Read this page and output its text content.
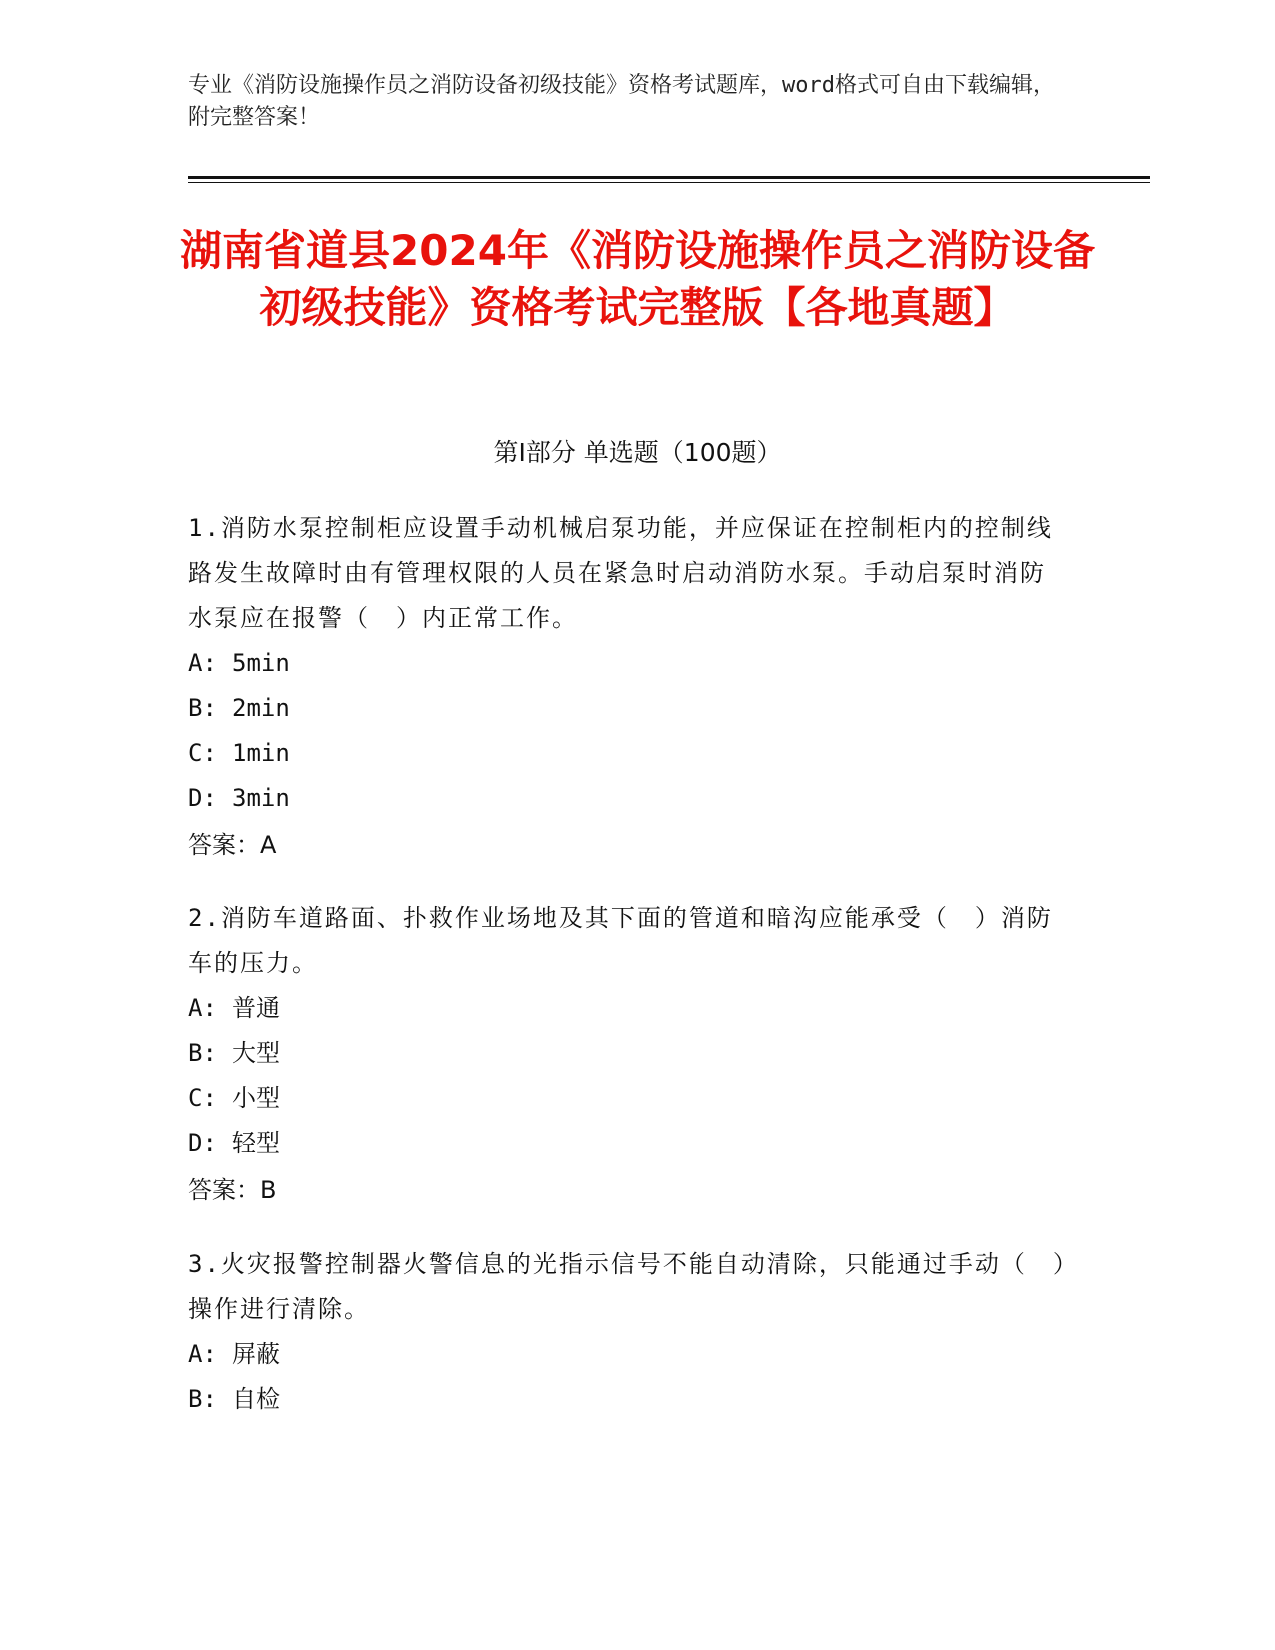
专业《消防设施操作员之消防设备初级技能》资格考试题库，word格式可自由下载编辑，附完整答案！
湖南省道县2024年《消防设施操作员之消防设备初级技能》资格考试完整版【各地真题】
第Ⅰ部分 单选题（100题）
1.消防水泵控制柜应设置手动机械启泵功能，并应保证在控制柜内的控制线路发生故障时由有管理权限的人员在紧急时启动消防水泵。手动启泵时消防水泵应在报警（　）内正常工作。
A: 5min
B: 2min
C: 1min
D: 3min
答案：A
2.消防车道路面、扑救作业场地及其下面的管道和暗沟应能承受（　）消防车的压力。
A: 普通
B: 大型
C: 小型
D: 轻型
答案：B
3.火灾报警控制器火警信息的光指示信号不能自动清除，只能通过手动（　）操作进行清除。
A: 屏蔽
B: 自检
